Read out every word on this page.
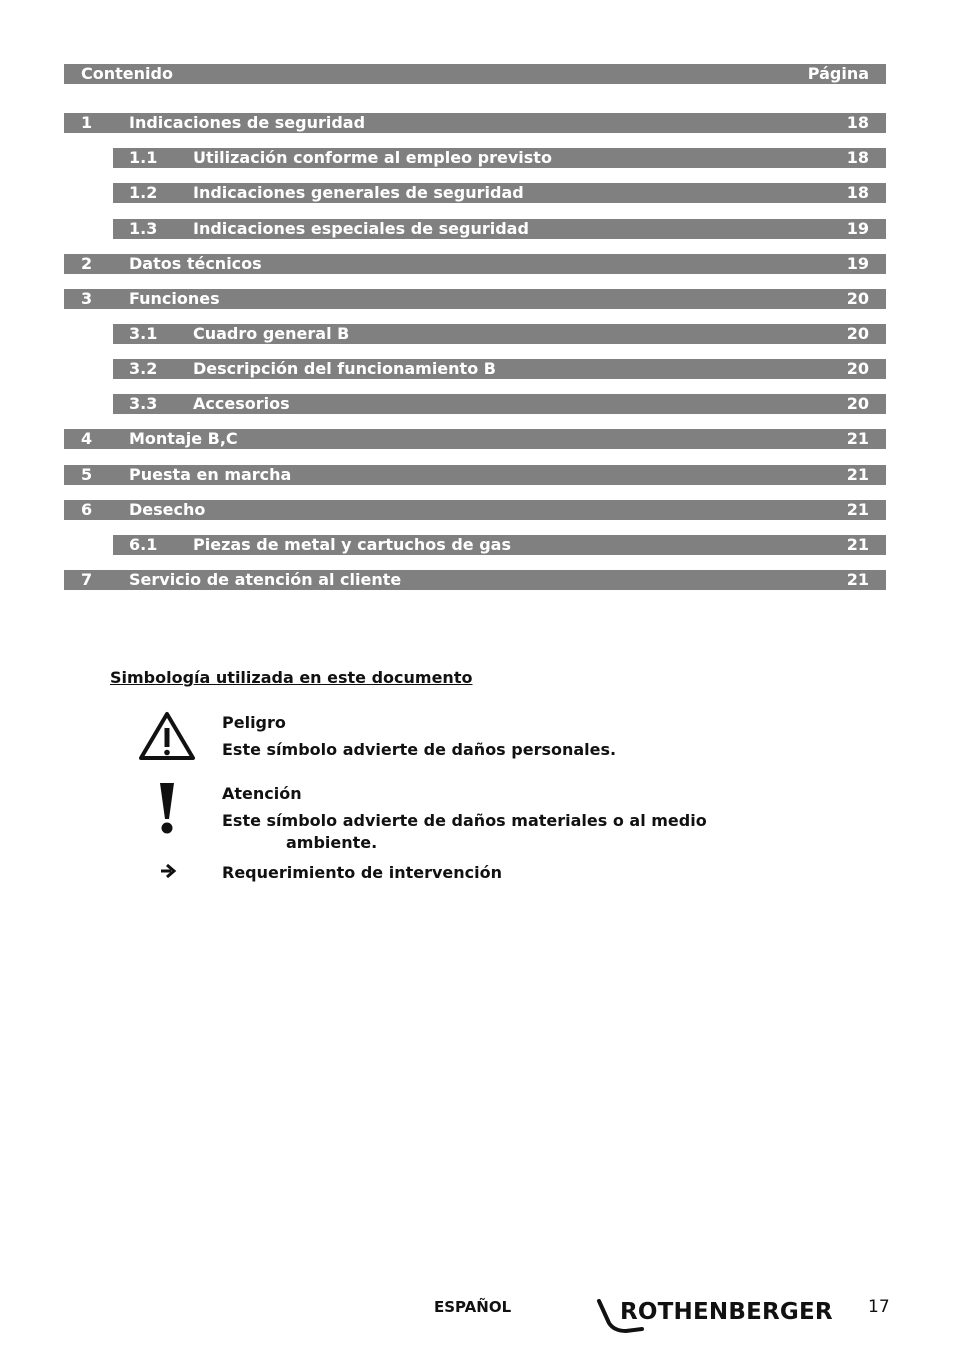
Contenido	Página
1 Indicaciones de seguridad	18
1.1 Utilización conforme al empleo previsto	18
1.2 Indicaciones generales de seguridad	18
1.3 Indicaciones especiales de seguridad	19
2 Datos técnicos	19
3 Funciones	20
3.1 Cuadro general B	20
3.2 Descripción del funcionamiento B	20
3.3 Accesorios	20
4 Montaje B,C	21
5 Puesta en marcha	21
6 Desecho	21
6.1 Piezas de metal y cartuchos de gas	21
7 Servicio de atención al cliente	21
Simbología utilizada en este documento
Peligro
Este símbolo advierte de daños personales.
Atención
Este símbolo advierte de daños materiales o al medio
ambiente.
Requerimiento de intervención
ESPAÑOL	ROTHENBERGER 17
